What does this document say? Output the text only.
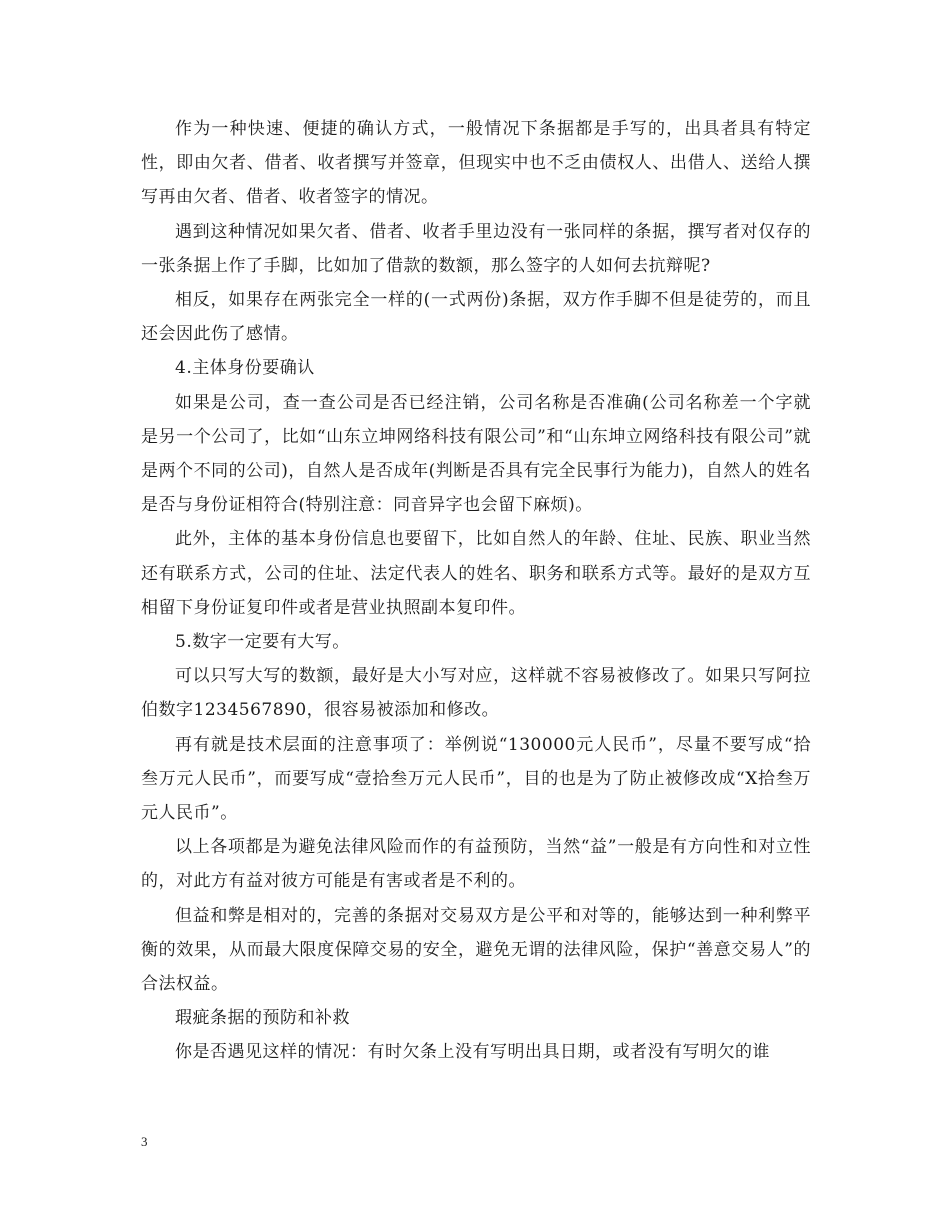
作为一种快速、便捷的确认方式，一般情况下条据都是手写的，出具者具有特定性，即由欠者、借者、收者撰写并签章，但现实中也不乏由债权人、出借人、送给人撰写再由欠者、借者、收者签字的情况。

遇到这种情况如果欠者、借者、收者手里边没有一张同样的条据，撰写者对仅存的一张条据上作了手脚，比如加了借款的数额，那么签字的人如何去抗辩呢?

相反，如果存在两张完全一样的(一式两份)条据，双方作手脚不但是徒劳的，而且还会因此伤了感情。

4.主体身份要确认

如果是公司，查一查公司是否已经注销，公司名称是否准确(公司名称差一个字就是另一个公司了，比如“山东立坤网络科技有限公司”和“山东坤立网络科技有限公司”就是两个不同的公司)，自然人是否成年(判断是否具有完全民事行为能力)，自然人的姓名是否与身份证相符合(特别注意：同音异字也会留下麻烦)。

此外，主体的基本身份信息也要留下，比如自然人的年龄、住址、民族、职业当然还有联系方式，公司的住址、法定代表人的姓名、职务和联系方式等。最好的是双方互相留下身份证复印件或者是营业执照副本复印件。

5.数字一定要有大写。

可以只写大写的数额，最好是大小写对应，这样就不容易被修改了。如果只写阿拉伯数字1234567890，很容易被添加和修改。

再有就是技术层面的注意事项了：举例说“130000元人民币”，尽量不要写成“拾叁万元人民币”，而要写成“壹拾叁万元人民币”，目的也是为了防止被修改成“X拾叁万元人民币”。

以上各项都是为避免法律风险而作的有益预防，当然“益”一般是有方向性和对立性的，对此方有益对彼方可能是有害或者是不利的。

但益和弊是相对的，完善的条据对交易双方是公平和对等的，能够达到一种利弊平衡的效果，从而最大限度保障交易的安全，避免无谓的法律风险，保护“善意交易人”的合法权益。

瑕疵条据的预防和补救

你是否遇见这样的情况：有时欠条上没有写明出具日期，或者没有写明欠的谁

3
